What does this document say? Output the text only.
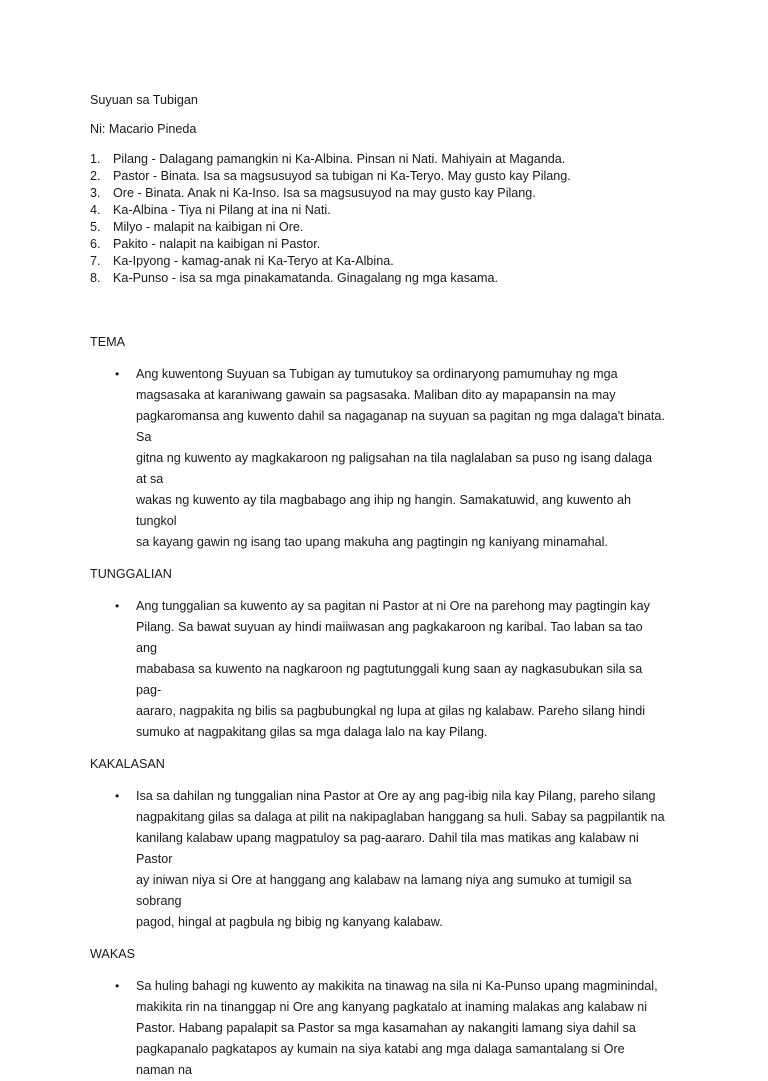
Suyuan sa Tubigan

Ni: Macario Pineda

1. Pilang - Dalagang pamangkin ni Ka-Albina. Pinsan ni Nati. Mahiyain at Maganda.
2. Pastor - Binata. Isa sa magsusuyod sa tubigan ni Ka-Teryo. May gusto kay Pilang.
3. Ore - Binata. Anak ni Ka-Inso. Isa sa magsusuyod na may gusto kay Pilang.
4. Ka-Albina - Tiya ni Pilang at ina ni Nati.
5. Milyo - malapit na kaibigan ni Ore.
6. Pakito - nalapit na kaibigan ni Pastor.
7. Ka-Ipyong - kamag-anak ni Ka-Teryo at Ka-Albina.
8. Ka-Punso - isa sa mga pinakamatanda. Ginagalang ng mga kasama.

TEMA

•	Ang kuwentong Suyuan sa Tubigan ay tumutukoy sa ordinaryong pamumuhay ng mga
magsasaka at karaniwang gawain sa pagsasaka. Maliban dito ay mapapansin na may
pagkaromansa ang kuwento dahil sa nagaganap na suyuan sa pagitan ng mga dalaga't binata. Sa
gitna ng kuwento ay magkakaroon ng paligsahan na tila naglalaban sa puso ng isang dalaga at sa
wakas ng kuwento ay tila magbabago ang ihip ng hangin. Samakatuwid, ang kuwento ah tungkol
sa kayang gawin ng isang tao upang makuha ang pagtingin ng kaniyang minamahal.

TUNGGALIAN

•	Ang tunggalian sa kuwento ay sa pagitan ni Pastor at ni Ore na parehong may pagtingin kay
Pilang. Sa bawat suyuan ay hindi maiiwasan ang pagkakaroon ng karibal. Tao laban sa tao ang
mababasa sa kuwento na nagkaroon ng pagtutunggali kung saan ay nagkasubukan sila sa pag-
aararo, nagpakita ng bilis sa pagbubungkal ng lupa at gilas ng kalabaw. Pareho silang hindi
sumuko at nagpakitang gilas sa mga dalaga lalo na kay Pilang.

KAKALASAN

•	Isa sa dahilan ng tunggalian nina Pastor at Ore ay ang pag-ibig nila kay Pilang, pareho silang
nagpakitang gilas sa dalaga at pilit na nakipaglaban hanggang sa huli. Sabay sa pagpilantik na
kanilang kalabaw upang magpatuloy sa pag-aararo. Dahil tila mas matikas ang kalabaw ni Pastor
ay iniwan niya si Ore at hanggang ang kalabaw na lamang niya ang sumuko at tumigil sa sobrang
pagod, hingal at pagbula ng bibig ng kanyang kalabaw.

WAKAS

•	Sa huling bahagi ng kuwento ay makikita na tinawag na sila ni Ka-Punso upang magminindal,
makikita rin na tinanggap ni Ore ang kanyang pagkatalo at inaming malakas ang kalabaw ni
Pastor. Habang papalapit sa Pastor sa mga kasamahan ay nakangiti lamang siya dahil sa
pagkapanalo pagkatapos ay kumain na siya katabi ang mga dalaga samantalang si Ore naman na
